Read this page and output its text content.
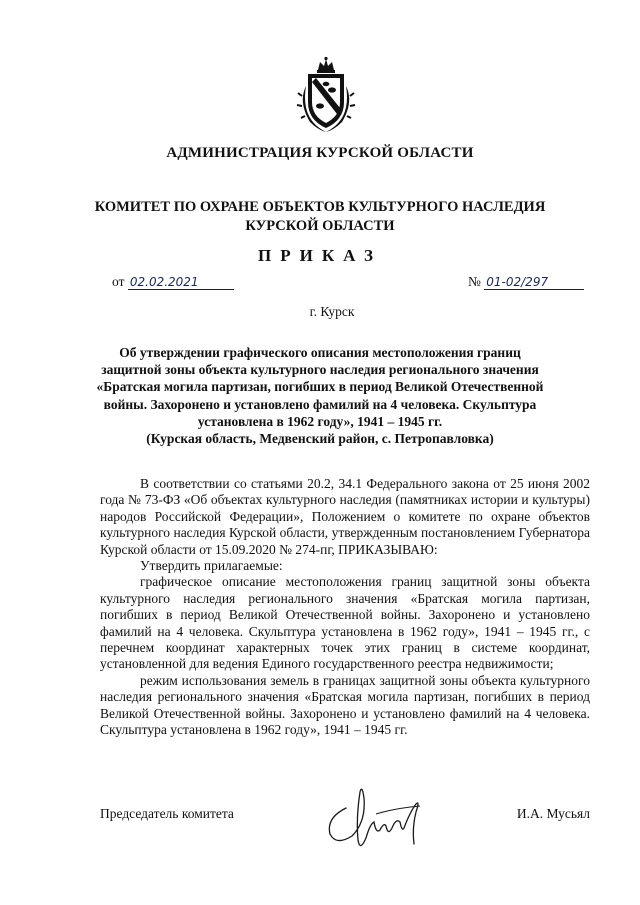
АДМИНИСТРАЦИЯ КУРСКОЙ ОБЛАСТИ
КОМИТЕТ ПО ОХРАНЕ ОБЪЕКТОВ КУЛЬТУРНОГО НАСЛЕДИЯ
КУРСКОЙ ОБЛАСТИ
ПРИКАЗ
от 02.02.2021	№ 01-02/297
г. Курск
Об утверждении графического описания местоположения границ
защитной зоны объекта культурного наследия регионального значения
«Братская могила партизан, погибших в период Великой Отечественной
войны. Захоронено и установлено фамилий на 4 человека. Скульптура
установлена в 1962 году», 1941 – 1945 гг.
(Курская область, Медвенский район, с. Петропавловка)

В соответствии со статьями 20.2, 34.1 Федерального закона от 25 июня 2002 года № 73-ФЗ «Об объектах культурного наследия (памятниках истории и культуры) народов Российской Федерации», Положением о комитете по охране объектов культурного наследия Курской области, утвержденным постановлением Губернатора Курской области от 15.09.2020 № 274-пг, ПРИКАЗЫВАЮ:

Утвердить прилагаемые:

графическое описание местоположения границ защитной зоны объекта культурного наследия регионального значения «Братская могила партизан, погибших в период Великой Отечественной войны. Захоронено и установлено фамилий на 4 человека. Скульптура установлена в 1962 году», 1941 – 1945 гг., с перечнем координат характерных точек этих границ в системе координат, установленной для ведения Единого государственного реестра недвижимости;

режим использования земель в границах защитной зоны объекта культурного наследия регионального значения «Братская могила партизан, погибших в период Великой Отечественной войны. Захоронено и установлено фамилий на 4 человека. Скульптура установлена в 1962 году», 1941 – 1945 гг.

Председатель комитета	И.А. Мусьял
